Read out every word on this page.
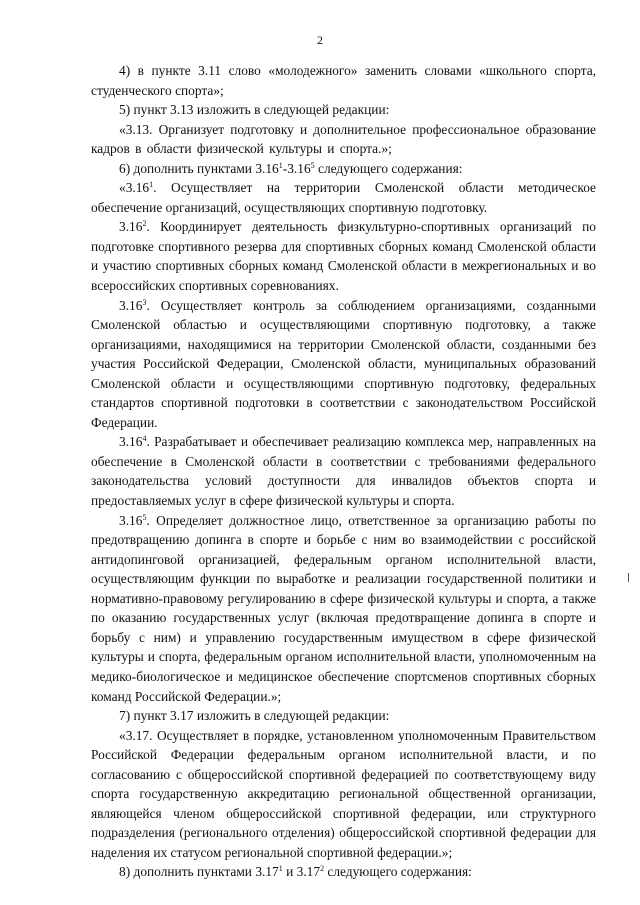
2

4) в пункте 3.11 слово «молодежного» заменить словами «школьного спорта, студенческого спорта»;

5) пункт 3.13 изложить в следующей редакции:

«3.13. Организует подготовку и дополнительное профессиональное образование кадров в области физической культуры и спорта.»;

6) дополнить пунктами 3.16$^1$-3.16$^5$ следующего содержания:

«3.16$^1$. Осуществляет на территории Смоленской области методическое обеспечение организаций, осуществляющих спортивную подготовку.

3.16$^2$. Координирует деятельность физкультурно-спортивных организаций по подготовке спортивного резерва для спортивных сборных команд Смоленской области и участию спортивных сборных команд Смоленской области в межрегиональных и во всероссийских спортивных соревнованиях.

3.16$^3$. Осуществляет контроль за соблюдением организациями, созданными Смоленской областью и осуществляющими спортивную подготовку, а также организациями, находящимися на территории Смоленской области, созданными без участия Российской Федерации, Смоленской области, муниципальных образований Смоленской области и осуществляющими спортивную подготовку, федеральных стандартов спортивной подготовки в соответствии с законодательством Российской Федерации.

3.16$^4$. Разрабатывает и обеспечивает реализацию комплекса мер, направленных на обеспечение в Смоленской области в соответствии с требованиями федерального законодательства условий доступности для инвалидов объектов спорта и предоставляемых услуг в сфере физической культуры и спорта.

3.16$^5$. Определяет должностное лицо, ответственное за организацию работы по предотвращению допинга в спорте и борьбе с ним во взаимодействии с российской антидопинговой организацией, федеральным органом исполнительной власти, осуществляющим функции по выработке и реализации государственной политики и нормативно-правовому регулированию в сфере физической культуры и спорта, а также по оказанию государственных услуг (включая предотвращение допинга в спорте и борьбу с ним) и управлению государственным имуществом в сфере физической культуры и спорта, федеральным органом исполнительной власти, уполномоченным на медико-биологическое и медицинское обеспечение спортсменов спортивных сборных команд Российской Федерации.»;

7) пункт 3.17 изложить в следующей редакции:

«3.17. Осуществляет в порядке, установленном уполномоченным Правительством Российской Федерации федеральным органом исполнительной власти, и по согласованию с общероссийской спортивной федерацией по соответствующему виду спорта государственную аккредитацию региональной общественной организации, являющейся членом общероссийской спортивной федерации, или структурного подразделения (регионального отделения) общероссийской спортивной федерации для наделения их статусом региональной спортивной федерации.»;

8) дополнить пунктами 3.17$^1$ и 3.17$^2$ следующего содержания:
